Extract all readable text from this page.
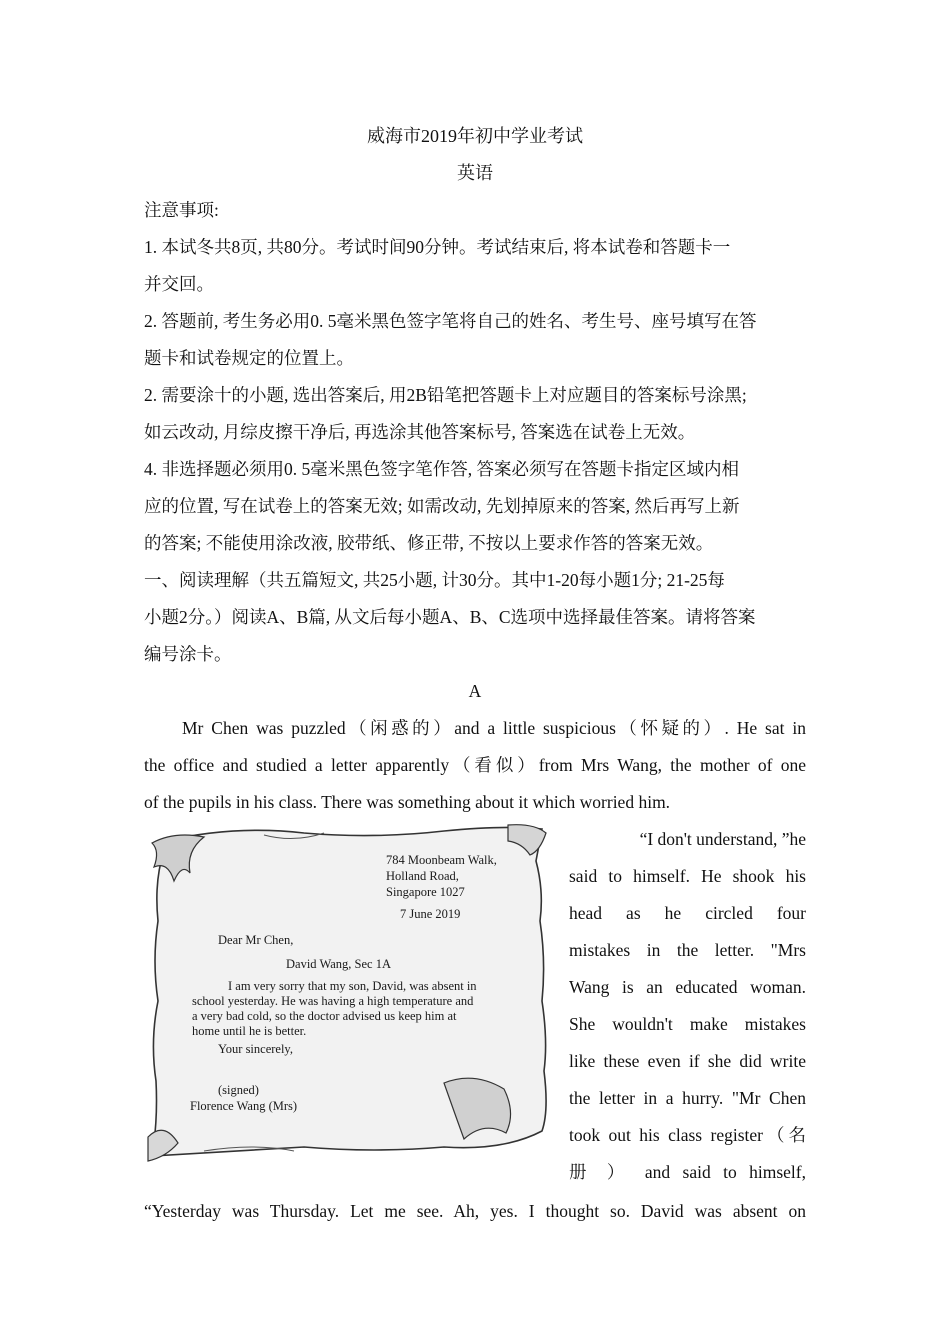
威海市2019年初中学业考试
英语
注意事项:
1. 本试冬共8页, 共80分。考试时间90分钟。考试结束后, 将本试卷和答题卡一
并交回。
2. 答题前, 考生务必用0. 5毫米黑色签字笔将自己的姓名、考生号、座号填写在答
题卡和试卷规定的位置上。
2. 需要涂十的小题, 选出答案后, 用2B铅笔把答题卡上对应题目的答案标号涂黑;
如云改动, 月综皮擦干净后, 再选涂其他答案标号, 答案选在试卷上无效。
4. 非选择题必须用0. 5毫米黑色签字笔作答, 答案必须写在答题卡指定区域内相
应的位置, 写在试卷上的答案无效; 如需改动, 先划掉原来的答案, 然后再写上新
的答案; 不能使用涂改液, 胶带纸、修正带, 不按以上要求作答的答案无效。
一、阅读理解（共五篇短文, 共25小题, 计30分。其中1-20每小题1分; 21-25每
小题2分。）阅读A、B篇, 从文后每小题A、B、C选项中选择最佳答案。请将答案
编号涂卡。
A
Mr Chen was puzzled（闲惑的）and a little suspicious（怀疑的）. He sat in
the office and studied a letter apparently（看似）from Mrs Wang, the mother of one
of the pupils in his class. There was something about it which worried him.
784 Moonbeam Walk,
Holland Road,
Singapore 1027
7 June 2019
Dear Mr Chen,
David Wang, Sec 1A
I am very sorry that my son, David, was absent in
school yesterday. He was having a high temperature and
a very bad cold, so the doctor advised us keep him at
home until he is better.
Your sincerely,
(signed)
Florence Wang (Mrs)
“I don't understand, ”he
said to himself. He shook his
head as he circled four
mistakes in the letter. "Mrs
Wang is an educated woman.
She wouldn't make mistakes
like these even if she did write
the letter in a hurry. "Mr Chen
took out his class register（名
册 ） and said to himself,
“Yesterday was Thursday. Let me see. Ah, yes. I thought so. David was absent on
